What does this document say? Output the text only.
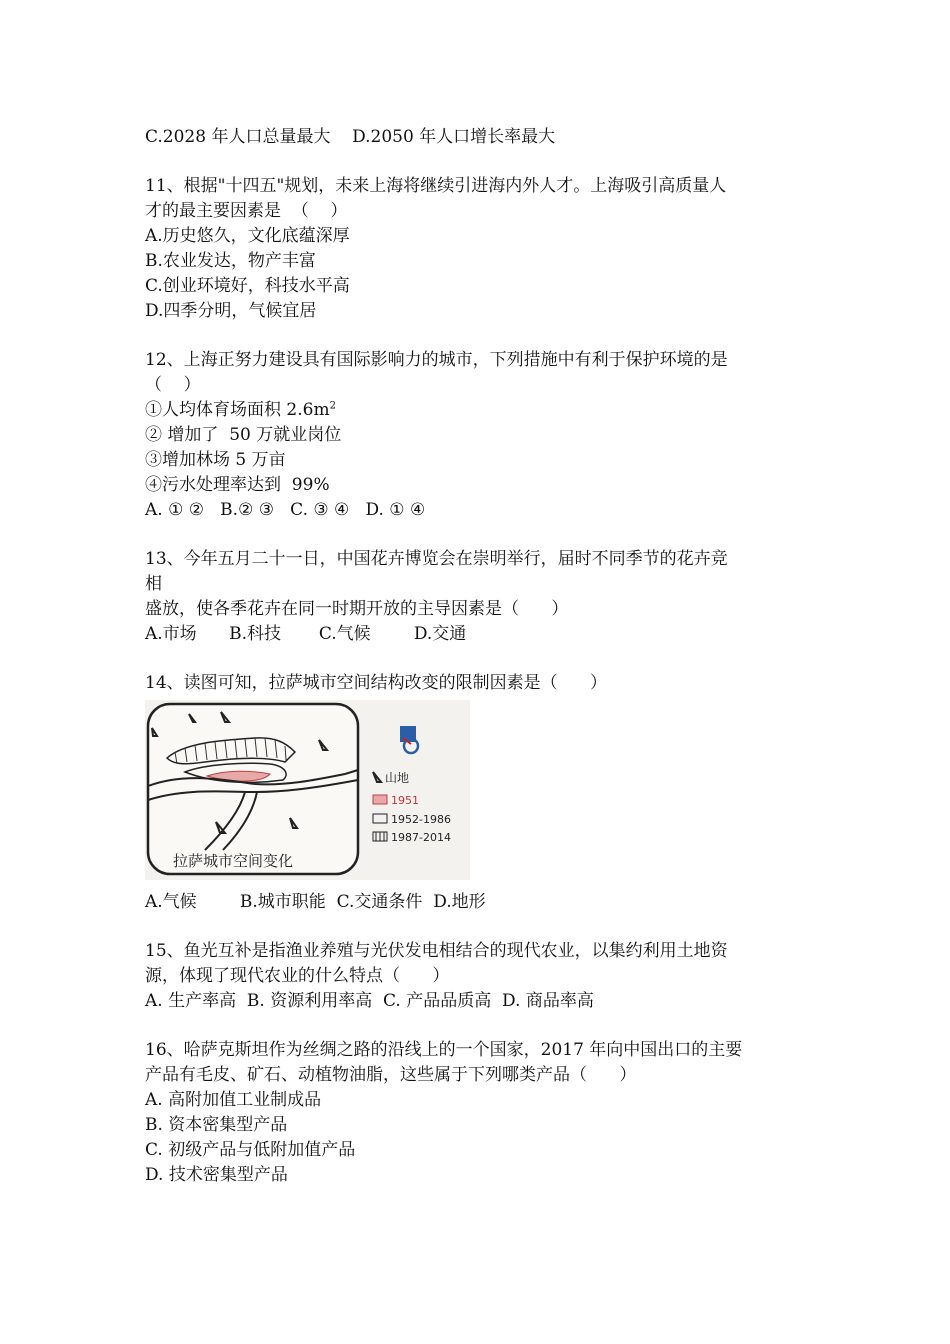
C.2028 年人口总量最大    D.2050 年人口增长率最大

11、根据"十四五"规划，未来上海将继续引进海内外人才。上海吸引高质量人

才的最主要因素是  （    ）

A.历史悠久，文化底蕴深厚

B.农业发达，物产丰富

C.创业环境好，科技水平高

D.四季分明，气候宜居

12、上海正努力建设具有国际影响力的城市，下列措施中有利于保护环境的是

（    ）

①人均体育场面积 $2.6m^2$

② 增加了  50 万就业岗位

③增加林场 5 万亩

④污水处理率达到  99%

A. ① ②   B.② ③   C. ③ ④   D. ① ④

13、今年五月二十一日，中国花卉博览会在崇明举行，届时不同季节的花卉竞

相

盛放，使各季花卉在同一时期开放的主导因素是（      ）

A.市场      B.科技       C.气候        D.交通

14、读图可知，拉萨城市空间结构改变的限制因素是（      ）

拉萨城市空间变化
山地
1951
1952-1986
1987-2014

A.气候        B.城市职能  C.交通条件  D.地形

15、鱼光互补是指渔业养殖与光伏发电相结合的现代农业，以集约利用土地资

源，体现了现代农业的什么特点（      ）

A. 生产率高  B. 资源利用率高  C. 产品品质高  D. 商品率高

16、哈萨克斯坦作为丝绸之路的沿线上的一个国家，2017 年向中国出口的主要

产品有毛皮、矿石、动植物油脂，这些属于下列哪类产品（      ）

A. 高附加值工业制成品

B. 资本密集型产品

C. 初级产品与低附加值产品

D. 技术密集型产品
